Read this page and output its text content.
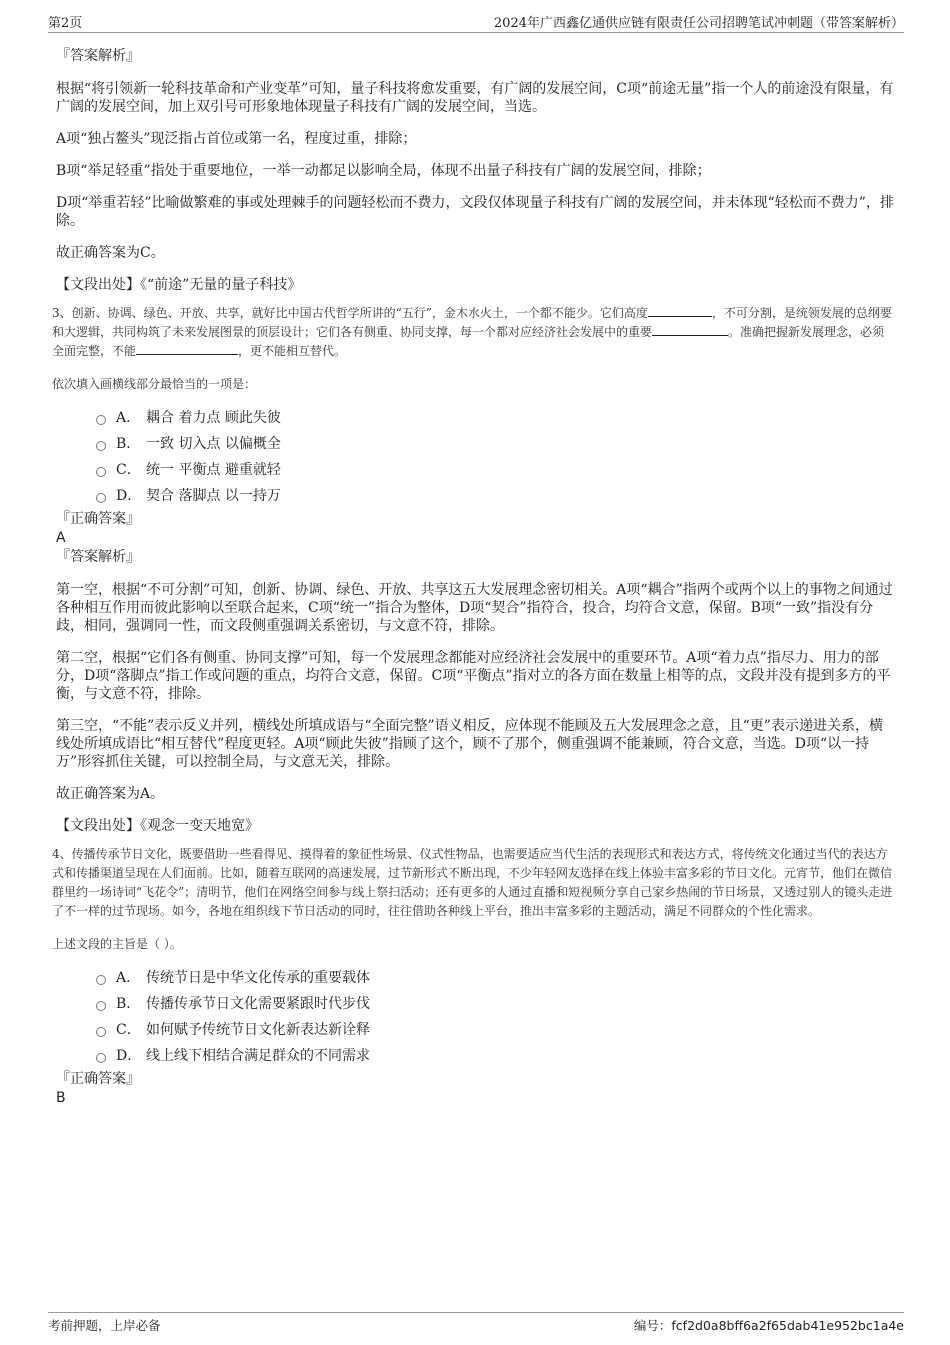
第2页	2024年广西鑫亿通供应链有限责任公司招聘笔试冲刺题（带答案解析）

『答案解析』

根据“将引领新一轮科技革命和产业变革”可知，量子科技将愈发重要，有广阔的发展空间，C项“前途无量”指一个人的前途没有限量，有广阔的发展空间，加上双引号可形象地体现量子科技有广阔的发展空间，当选。

A项“独占鳌头”现泛指占首位或第一名，程度过重，排除；

B项“举足轻重”指处于重要地位，一举一动都足以影响全局，体现不出量子科技有广阔的发展空间，排除；

D项“举重若轻”比喻做繁难的事或处理棘手的问题轻松而不费力，文段仅体现量子科技有广阔的发展空间，并未体现“轻松而不费力”，排除。

故正确答案为C。

【文段出处】《“前途”无量的量子科技》

3、创新、协调、绿色、开放、共享，就好比中国古代哲学所讲的“五行”，金木水火土，一个都不能少。它们高度	，不可分割，是统领发展的总纲要和大逻辑，共同构筑了未来发展图景的顶层设计；它们各有侧重、协同支撑，每一个都对应经济社会发展中的重要	。准确把握新发展理念，必须全面完整，不能	，更不能相互替代。

依次填入画横线部分最恰当的一项是：

A． 耦合 着力点 顾此失彼
B． 一致 切入点 以偏概全
C． 统一 平衡点 避重就轻
D． 契合 落脚点 以一持万

『正确答案』

A

『答案解析』

第一空，根据“不可分割”可知，创新、协调、绿色、开放、共享这五大发展理念密切相关。A项“耦合”指两个或两个以上的事物之间通过各种相互作用而彼此影响以至联合起来，C项“统一”指合为整体，D项“契合”指符合，投合，均符合文意，保留。B项“一致”指没有分歧，相同，强调同一性，而文段侧重强调关系密切，与文意不符，排除。

第二空，根据“它们各有侧重、协同支撑”可知，每一个发展理念都能对应经济社会发展中的重要环节。A项“着力点”指尽力、用力的部分，D项“落脚点”指工作或问题的重点，均符合文意，保留。C项“平衡点”指对立的各方面在数量上相等的点，文段并没有提到多方的平衡，与文意不符，排除。

第三空，“不能”表示反义并列，横线处所填成语与“全面完整”语义相反，应体现不能顾及五大发展理念之意，且“更”表示递进关系，横线处所填成语比“相互替代”程度更轻。A项“顾此失彼”指顾了这个，顾不了那个，侧重强调不能兼顾，符合文意，当选。D项“以一持万”形容抓住关键，可以控制全局，与文意无关，排除。

故正确答案为A。

【文段出处】《观念一变天地宽》

4、传播传承节日文化，既要借助一些看得见、摸得着的象征性场景、仪式性物品，也需要适应当代生活的表现形式和表达方式，将传统文化通过当代的表达方式和传播渠道呈现在人们面前。比如，随着互联网的高速发展，过节新形式不断出现，不少年轻网友选择在线上体验丰富多彩的节日文化。元宵节，他们在微信群里约一场诗词“飞花令”；清明节，他们在网络空间参与线上祭扫活动；还有更多的人通过直播和短视频分享自己家乡热闹的节日场景，又透过别人的镜头走进了不一样的过节现场。如今，各地在组织线下节日活动的同时，往往借助各种线上平台，推出丰富多彩的主题活动，满足不同群众的个性化需求。

上述文段的主旨是（ ）。

A． 传统节日是中华文化传承的重要载体
B． 传播传承节日文化需要紧跟时代步伐
C． 如何赋予传统节日文化新表达新诠释
D． 线上线下相结合满足群众的不同需求

『正确答案』

B

考前押题，上岸必备	编号：fcf2d0a8bff6a2f65dab41e952bc1a4e
